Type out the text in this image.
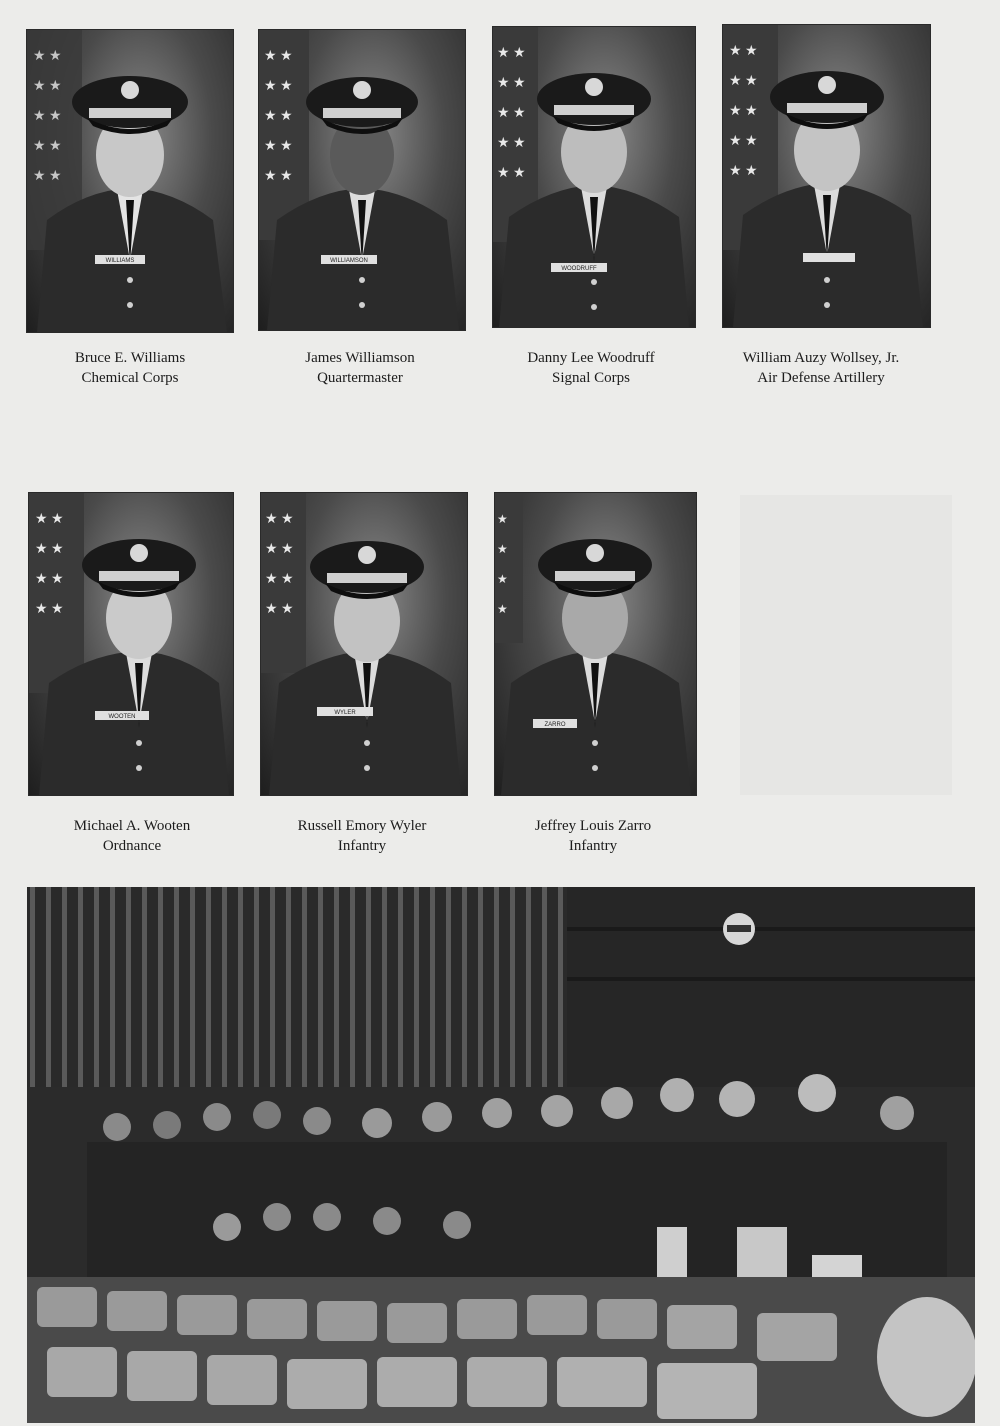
★ ★
★ ★
★ ★
★ ★
★ ★
WILLIAMS
Bruce E. Williams
Chemical Corps
★ ★
★ ★
★ ★
★ ★
★ ★
WILLIAMSON
James Williamson
Quartermaster
★ ★
★ ★
★ ★
★ ★
★ ★
WOODRUFF
Danny Lee Woodruff
Signal Corps
★ ★
★ ★
★ ★
★ ★
★ ★
William Auzy Wollsey, Jr.
Air Defense Artillery
★ ★
★ ★
★ ★
★ ★
WOOTEN
Michael A. Wooten
Ordnance
★ ★
★ ★
★ ★
★ ★
WYLER
Russell Emory Wyler
Infantry
★
★
★
★
ZARRO
Jeffrey Louis Zarro
Infantry
